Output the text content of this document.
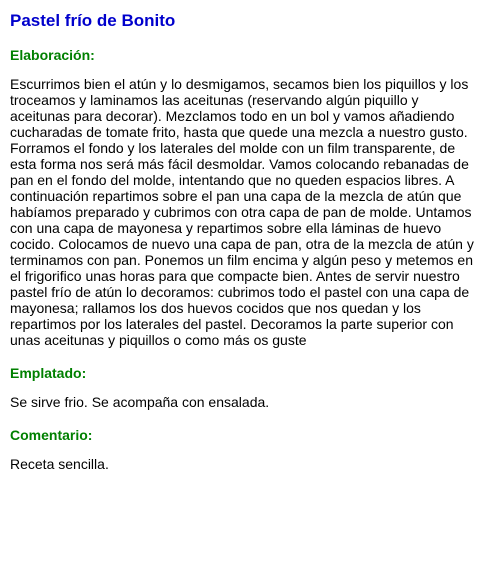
Pastel frío de Bonito
Elaboración:

Escurrimos bien el atún y lo desmigamos, secamos bien los piquillos y los troceamos y laminamos las aceitunas (reservando algún piquillo y aceitunas para decorar). Mezclamos todo en un bol y vamos añadiendo cucharadas de tomate frito, hasta que quede una mezcla a nuestro gusto. Forramos el fondo y los laterales del molde con un film transparente, de esta forma nos será más fácil desmoldar. Vamos colocando rebanadas de pan en el fondo del molde, intentando que no queden espacios libres. A continuación repartimos sobre el pan una capa de la mezcla de atún que habíamos preparado y cubrimos con otra capa de pan de molde. Untamos con una capa de mayonesa y repartimos sobre ella láminas de huevo cocido. Colocamos de nuevo una capa de pan, otra de la mezcla de atún y terminamos con pan. Ponemos un film encima y algún peso y metemos en el frigorifico unas horas para que compacte bien. Antes de servir nuestro pastel frío de atún lo decoramos: cubrimos todo el pastel con una capa de mayonesa; rallamos los dos huevos cocidos que nos quedan y los repartimos por los laterales del pastel. Decoramos la parte superior con unas aceitunas y piquillos o como más os guste

Emplatado:

Se sirve frio. Se acompaña con ensalada.

Comentario:

Receta sencilla.
